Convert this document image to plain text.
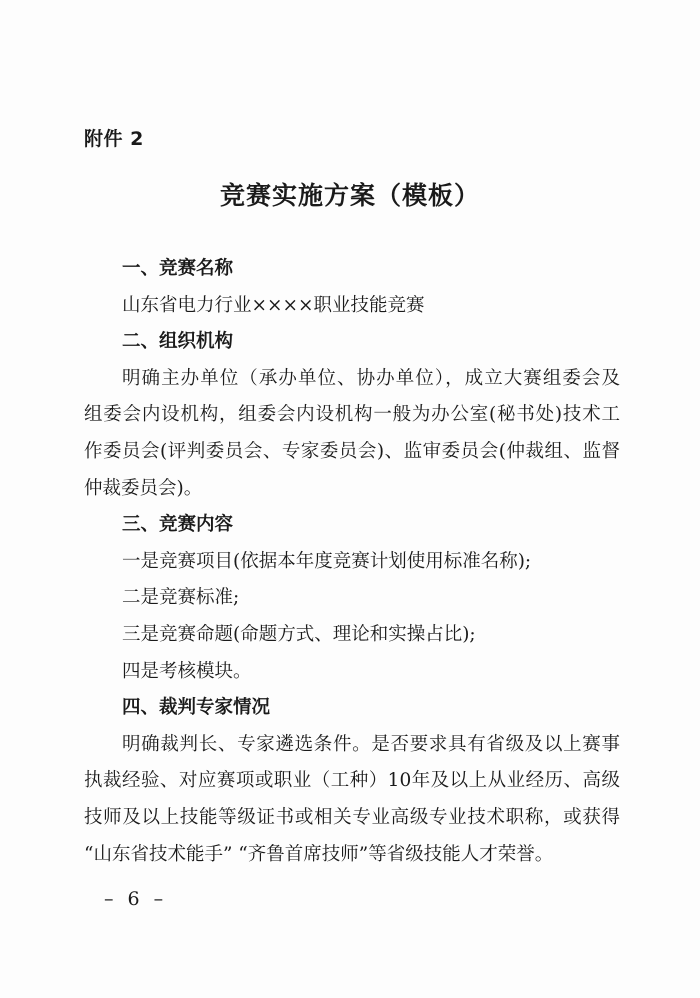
附件 2
竞赛实施方案（模板）
一、竞赛名称
山东省电力行业××××职业技能竞赛
二、组织机构
明确主办单位（承办单位、协办单位），成立大赛组委会及
组委会内设机构，组委会内设机构一般为办公室(秘书处)技术工
作委员会(评判委员会、专家委员会)、监审委员会(仲裁组、监督
仲裁委员会)。
三、竞赛内容
一是竞赛项目(依据本年度竞赛计划使用标准名称);
二是竞赛标准;
三是竞赛命题(命题方式、理论和实操占比);
四是考核模块。
四、裁判专家情况
明确裁判长、专家遴选条件。是否要求具有省级及以上赛事
执裁经验、对应赛项或职业（工种）10年及以上从业经历、高级
技师及以上技能等级证书或相关专业高级专业技术职称，或获得
“山东省技术能手” “齐鲁首席技师”等省级技能人才荣誉。
– 6 –
